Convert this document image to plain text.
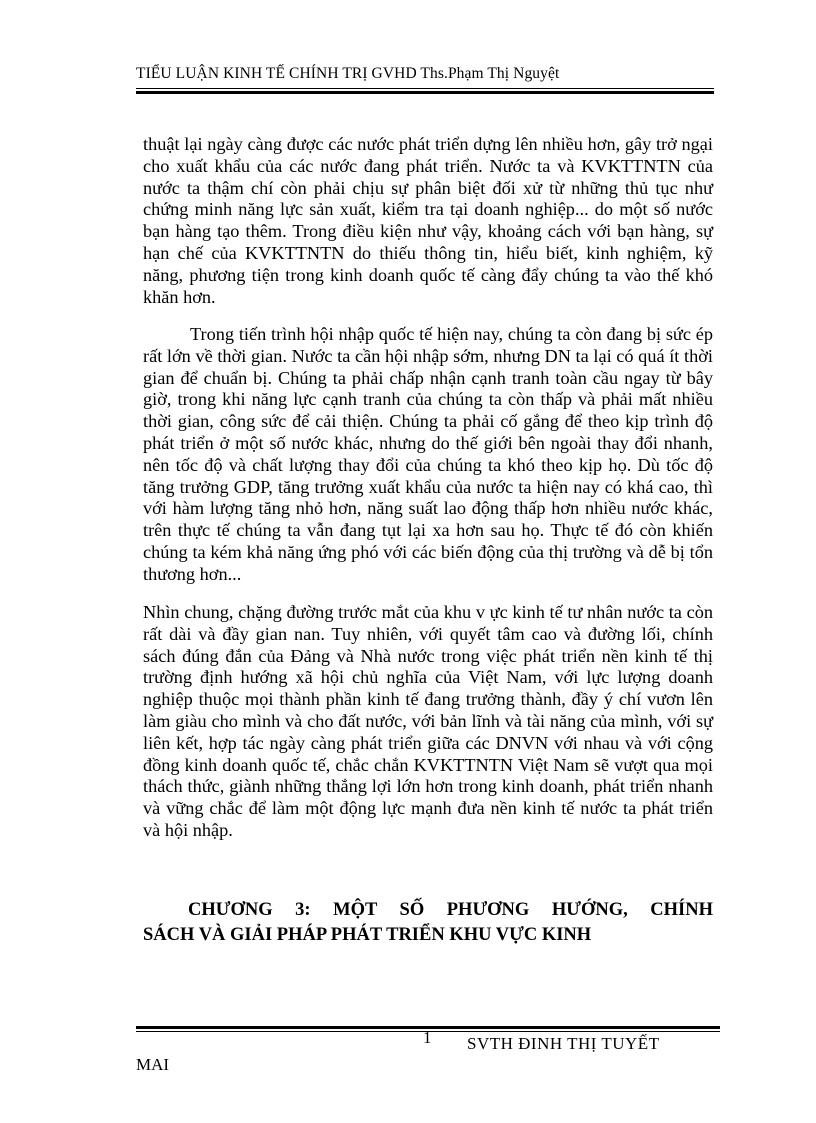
TIỂU LUẬN KINH TẾ CHÍNH TRỊ GVHD Ths.Phạm Thị Nguyệt

thuật lại ngày càng được các nước phát triển dựng lên nhiều hơn, gây trở ngại cho xuất khẩu của các nước đang phát triển. Nước ta và KVKTTNTN của nước ta thậm chí còn phải chịu sự phân biệt đối xử từ những thủ tục như chứng minh năng lực sản xuất, kiểm tra tại doanh nghiệp... do một số nước bạn hàng tạo thêm. Trong điều kiện như vậy, khoảng cách với bạn hàng, sự hạn chế của KVKTTNTN do thiếu thông tin, hiểu biết, kinh nghiệm, kỹ năng, phương tiện trong kinh doanh quốc tế càng đẩy chúng ta vào thế khó khăn hơn.

Trong tiến trình hội nhập quốc tế hiện nay, chúng ta còn đang bị sức ép rất lớn về thời gian. Nước ta cần hội nhập sớm, nhưng DN ta lại có quá ít thời gian để chuẩn bị. Chúng ta phải chấp nhận cạnh tranh toàn cầu ngay từ bây giờ, trong khi năng lực cạnh tranh của chúng ta còn thấp và phải mất nhiều thời gian, công sức để cải thiện. Chúng ta phải cố gắng để theo kịp trình độ phát triển ở một số nước khác, nhưng do thế giới bên ngoài thay đổi nhanh, nên tốc độ và chất lượng thay đổi của chúng ta khó theo kịp họ. Dù tốc độ tăng trưởng GDP, tăng trưởng xuất khẩu của nước ta hiện nay có khá cao, thì với hàm lượng tăng nhỏ hơn, năng suất lao động thấp hơn nhiều nước khác, trên thực tế chúng ta vẫn đang tụt lại xa hơn sau họ. Thực tế đó còn khiến chúng ta kém khả năng ứng phó với các biến động của thị trường và dễ bị tổn thương hơn...

Nhìn chung, chặng đường trước mắt của khu v ực kinh tế tư nhân nước ta còn rất dài và đầy gian nan. Tuy nhiên, với quyết tâm cao và đường lối, chính sách đúng đắn của Đảng và Nhà nước trong việc phát triển nền kinh tế thị trường định hướng xã hội chủ nghĩa của Việt Nam, với lực lượng doanh nghiệp thuộc mọi thành phần kinh tế đang trưởng thành, đầy ý chí vươn lên làm giàu cho mình và cho đất nước, với bản lĩnh và tài năng của mình, với sự liên kết, hợp tác ngày càng phát triển giữa các DNVN với nhau và với cộng đồng kinh doanh quốc tế, chắc chắn KVKTTNTN Việt Nam sẽ vượt qua mọi thách thức, giành những thắng lợi lớn hơn trong kinh doanh, phát triển nhanh và vững chắc để làm một động lực mạnh đưa nền kinh tế nước ta phát triển và hội nhập.

CHƯƠNG 3: MỘT SỐ PHƯƠNG HƯỚNG, CHÍNH
SÁCH VÀ GIẢI PHÁP PHÁT TRIỂN KHU VỰC KINH
1 SVTH ĐINH THỊ TUYẾT
MAI
